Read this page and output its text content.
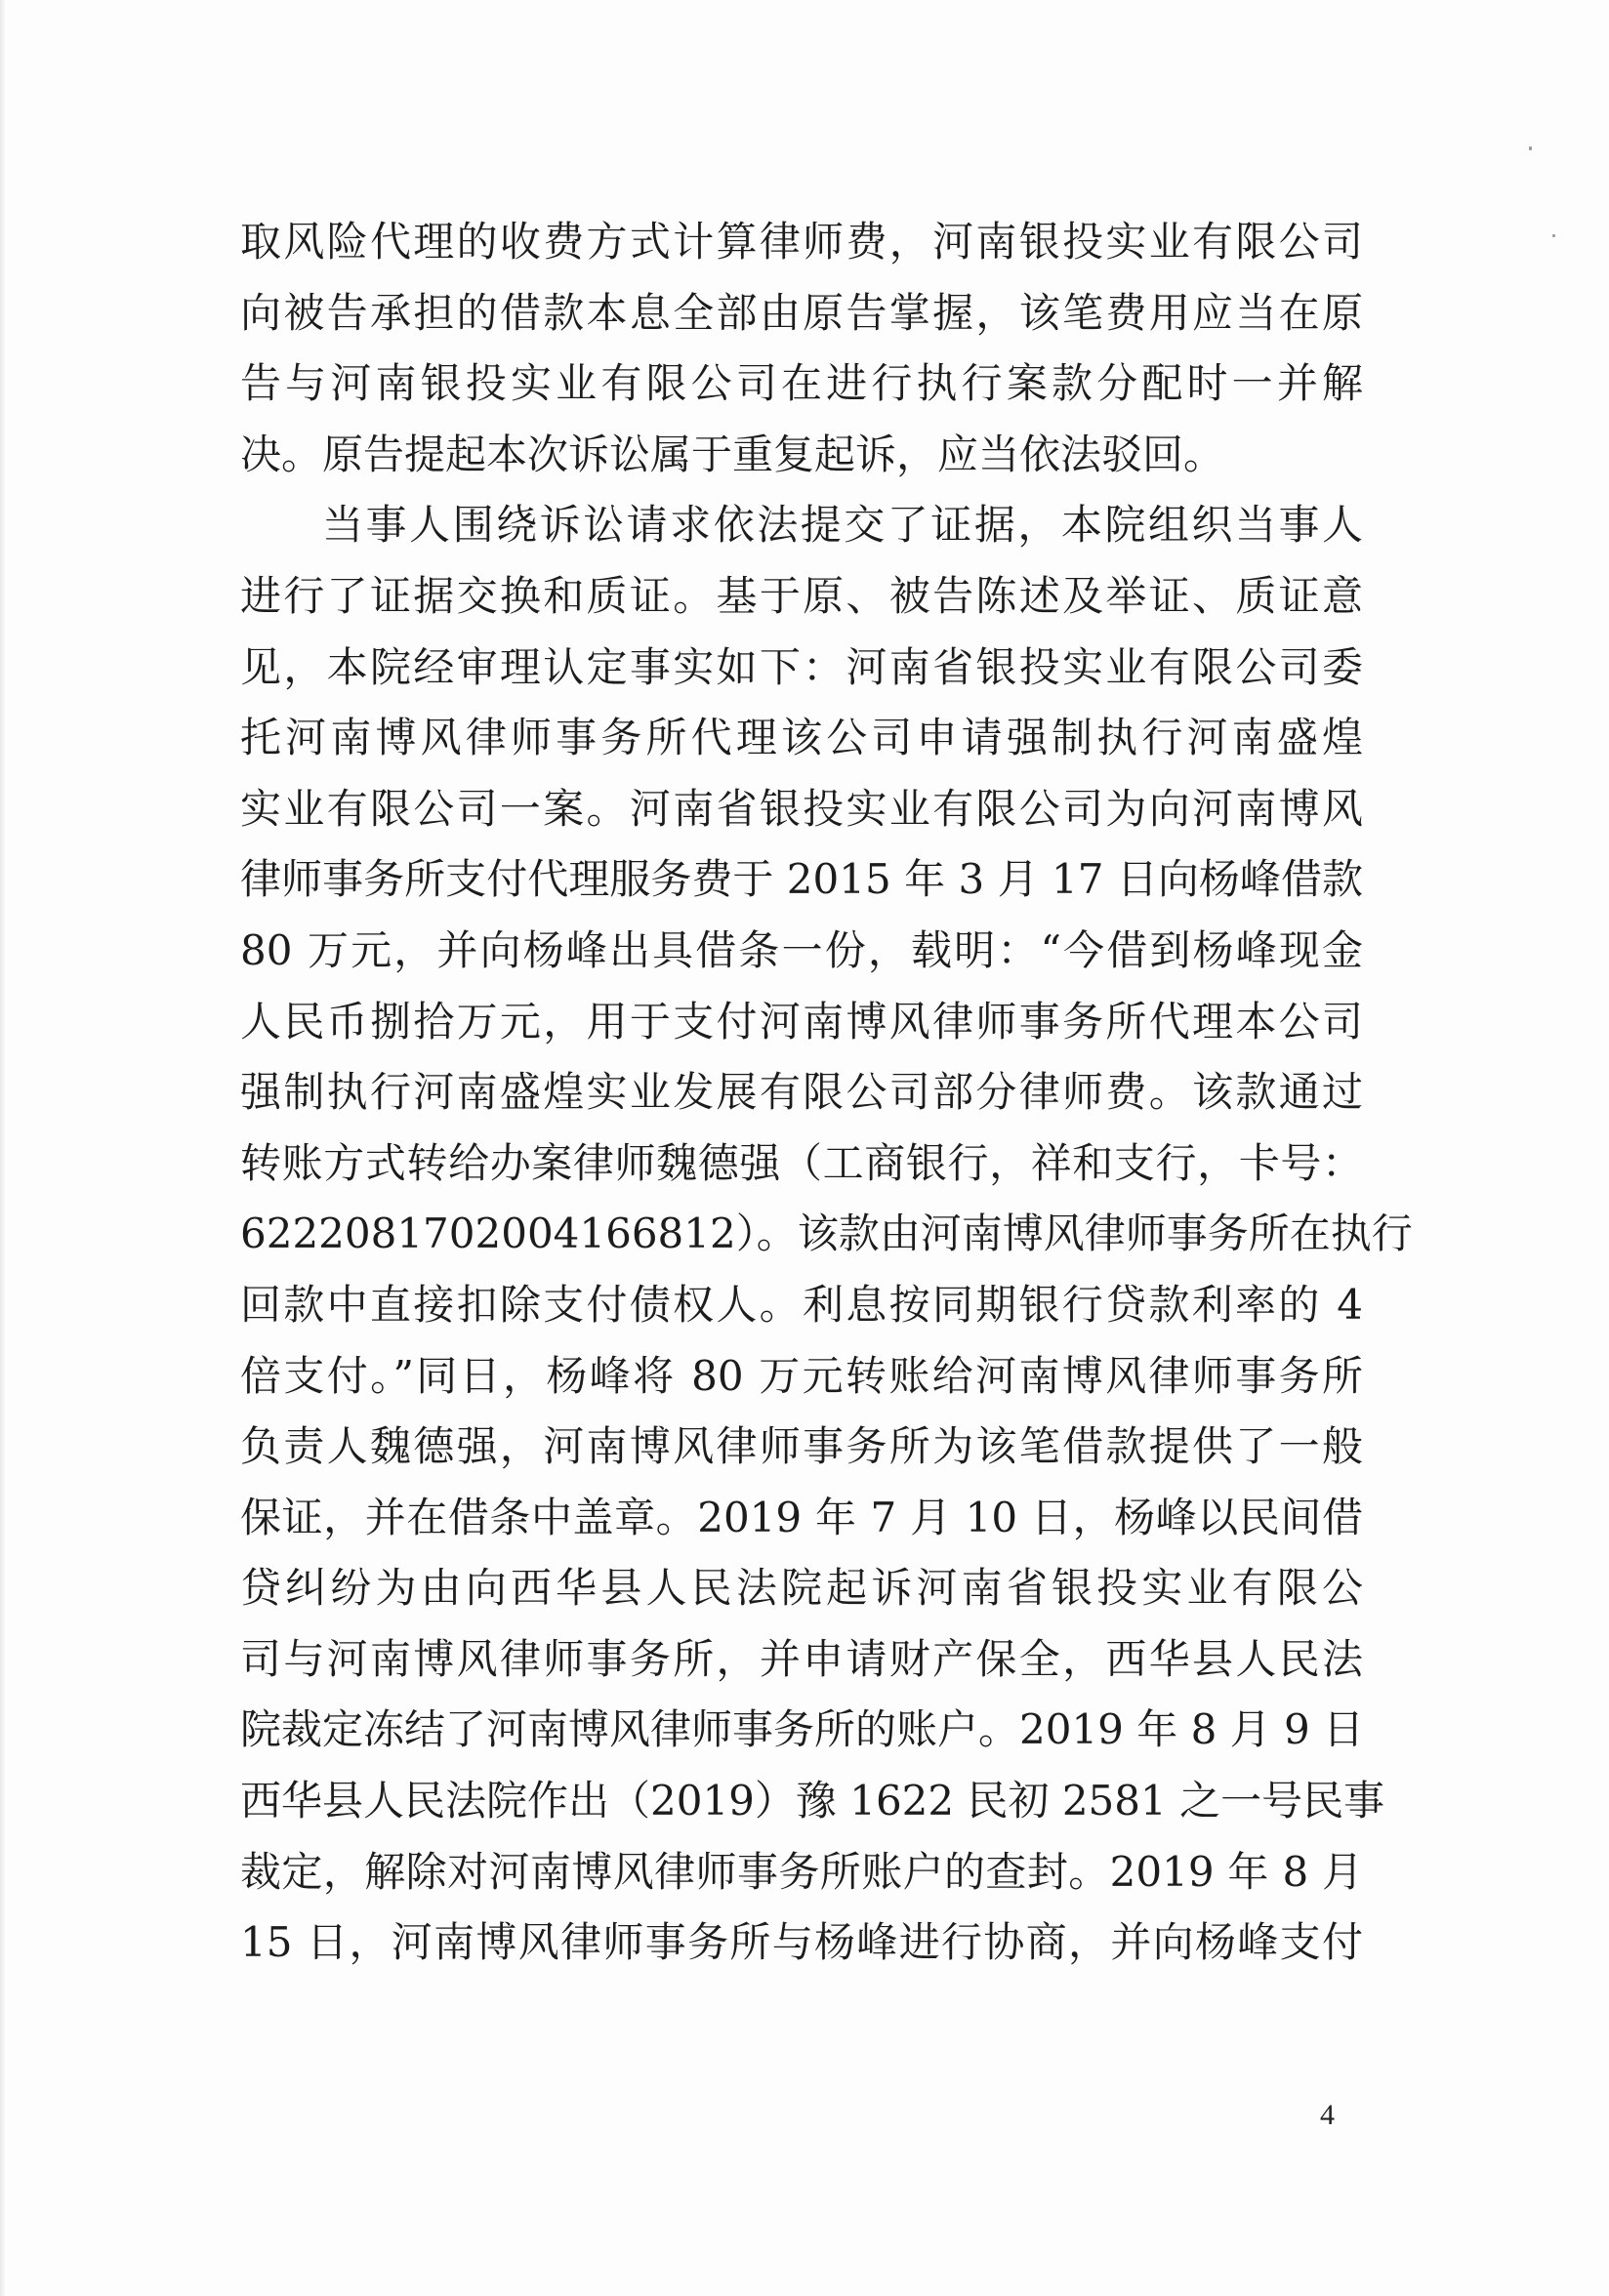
取风险代理的收费方式计算律师费，河南银投实业有限公司
向被告承担的借款本息全部由原告掌握，该笔费用应当在原
告与河南银投实业有限公司在进行执行案款分配时一并解
决。原告提起本次诉讼属于重复起诉，应当依法驳回。
当事人围绕诉讼请求依法提交了证据，本院组织当事人
进行了证据交换和质证。基于原、被告陈述及举证、质证意
见，本院经审理认定事实如下：河南省银投实业有限公司委
托河南博风律师事务所代理该公司申请强制执行河南盛煌
实业有限公司一案。河南省银投实业有限公司为向河南博风
律师事务所支付代理服务费于 2015 年 3 月 17 日向杨峰借款
80 万元，并向杨峰出具借条一份，载明：“今借到杨峰现金
人民币捌拾万元，用于支付河南博风律师事务所代理本公司
强制执行河南盛煌实业发展有限公司部分律师费。该款通过
转账方式转给办案律师魏德强（工商银行，祥和支行，卡号：
6222081702004166812）。该款由河南博风律师事务所在执行
回款中直接扣除支付债权人。利息按同期银行贷款利率的 4
倍支付。”同日，杨峰将 80 万元转账给河南博风律师事务所
负责人魏德强，河南博风律师事务所为该笔借款提供了一般
保证，并在借条中盖章。2019 年 7 月 10 日，杨峰以民间借
贷纠纷为由向西华县人民法院起诉河南省银投实业有限公
司与河南博风律师事务所，并申请财产保全，西华县人民法
院裁定冻结了河南博风律师事务所的账户。2019 年 8 月 9 日
西华县人民法院作出（2019）豫 1622 民初 2581 之一号民事
裁定，解除对河南博风律师事务所账户的查封。2019 年 8 月
15 日，河南博风律师事务所与杨峰进行协商，并向杨峰支付
4
